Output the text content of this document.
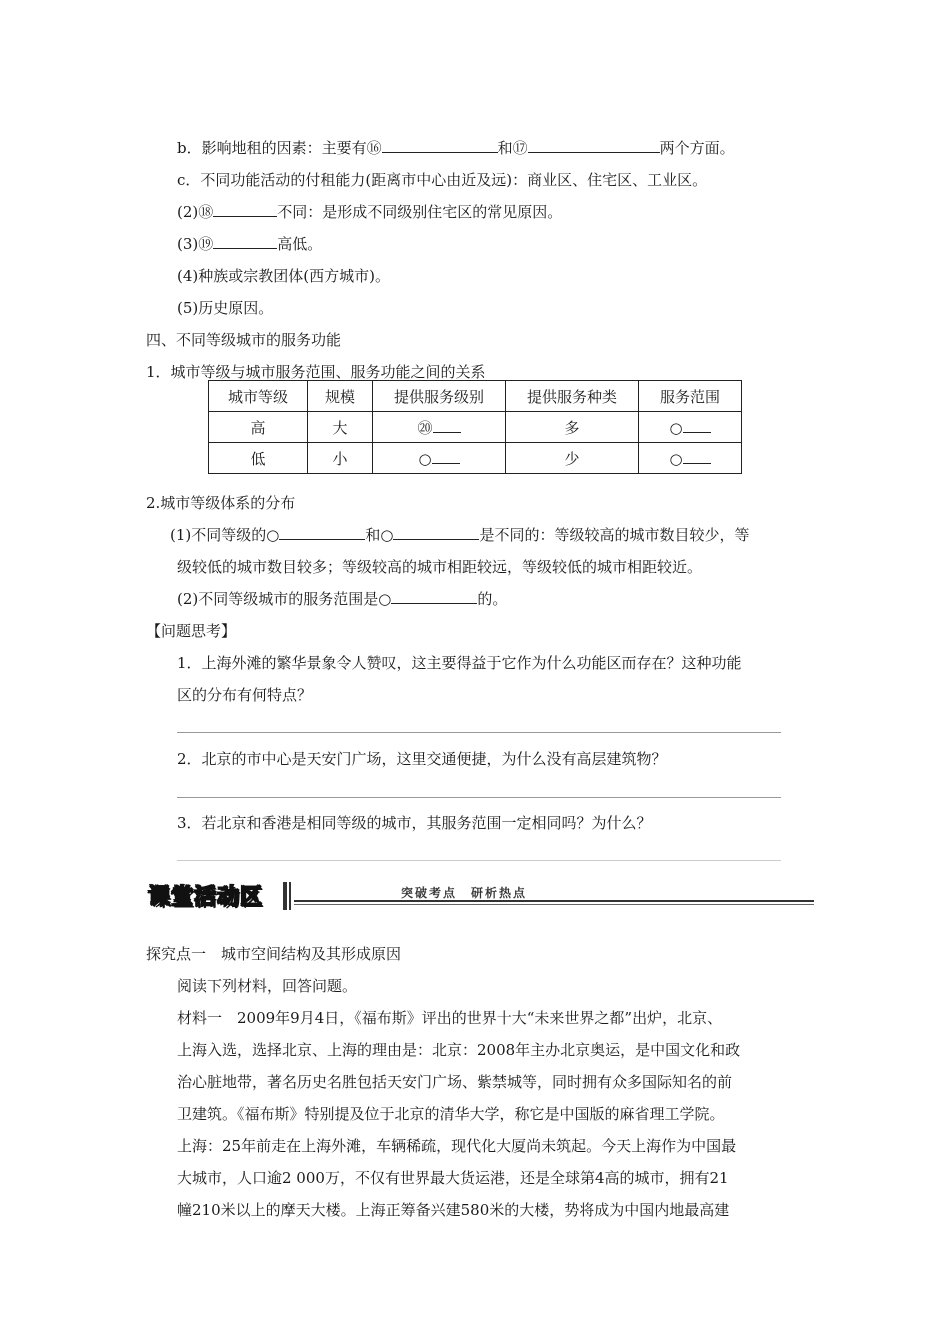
b．影响地租的因素：主要有⑯	和⑰	两个方面。
c．不同功能活动的付租能力(距离市中心由近及远)：商业区、住宅区、工业区。
(2)⑱	不同：是形成不同级别住宅区的常见原因。
(3)⑲	高低。
(4)种族或宗教团体(西方城市)。
(5)历史原因。
四、不同等级城市的服务功能
1．城市等级与城市服务范围、服务功能之间的关系
城市等级	规模	提供服务级别	提供服务种类	服务范围
高	大	⑳	多	○
低	小	○	少	○
2.城市等级体系的分布
(1)不同等级的○	和○	是不同的：等级较高的城市数目较少，等
级较低的城市数目较多；等级较高的城市相距较远，等级较低的城市相距较近。
(2)不同等级城市的服务范围是○	的。
【问题思考】
1．上海外滩的繁华景象令人赞叹，这主要得益于它作为什么功能区而存在？这种功能
区的分布有何特点？
2．北京的市中心是天安门广场，这里交通便捷，为什么没有高层建筑物？
3．若北京和香港是相同等级的城市，其服务范围一定相同吗？为什么？
课堂活动区	突破考点　研析热点
探究点一　城市空间结构及其形成原因
阅读下列材料，回答问题。
材料一　2009年9月4日，《福布斯》评出的世界十大“未来世界之都”出炉，北京、
上海入选，选择北京、上海的理由是：北京：2008年主办北京奥运，是中国文化和政
治心脏地带，著名历史名胜包括天安门广场、紫禁城等，同时拥有众多国际知名的前
卫建筑。《福布斯》特别提及位于北京的清华大学，称它是中国版的麻省理工学院。
上海：25年前走在上海外滩，车辆稀疏，现代化大厦尚未筑起。今天上海作为中国最
大城市，人口逾2 000万，不仅有世界最大货运港，还是全球第4高的城市，拥有21
幢210米以上的摩天大楼。上海正筹备兴建580米的大楼，势将成为中国内地最高建
